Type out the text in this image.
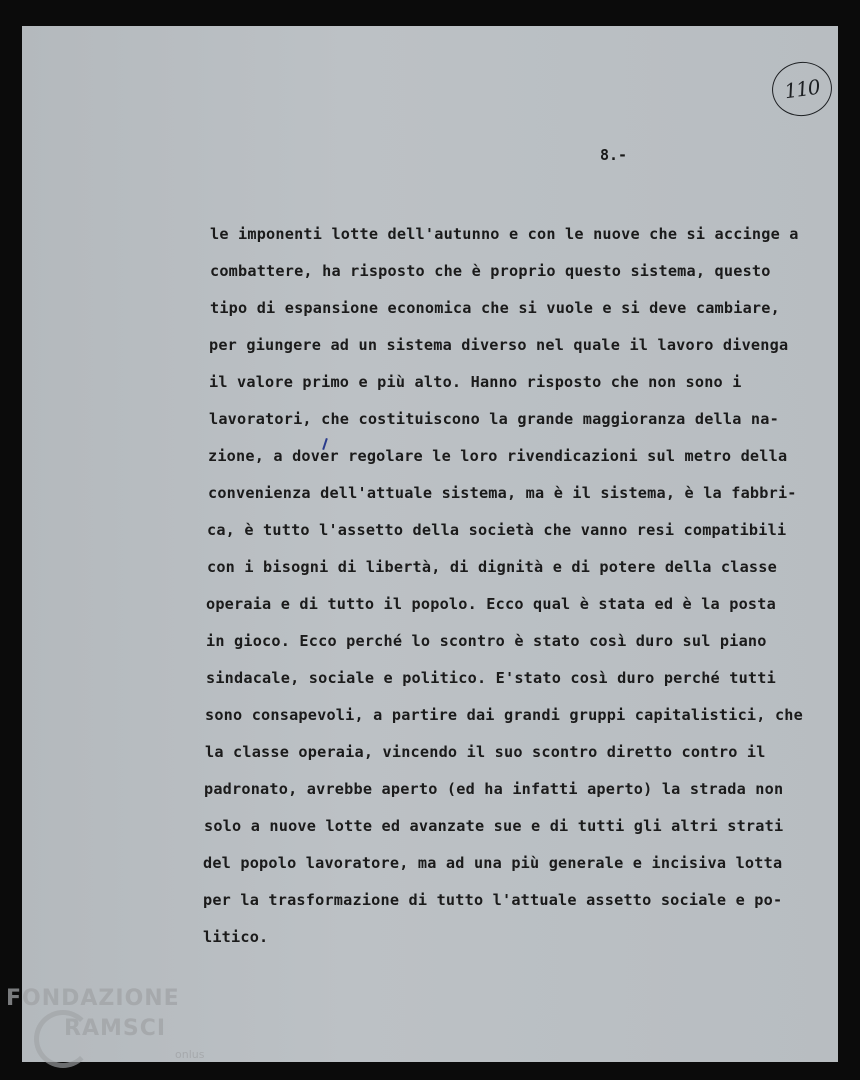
110
8.-
le imponenti lotte dell'autunno e con le nuove che si accinge a
combattere, ha risposto che è proprio questo sistema, questo
tipo di espansione economica che si vuole e si deve cambiare,
per giungere ad un sistema diverso nel quale il lavoro divenga
il valore primo e più alto. Hanno risposto che non sono i
lavoratori, che costituiscono la grande maggioranza della na-
zione, a dover regolare le loro rivendicazioni sul metro della
convenienza dell'attuale sistema, ma è il sistema, è la fabbri-
ca, è tutto l'assetto della società che vanno resi compatibili
con i bisogni di libertà, di dignità e di potere della classe
operaia e di tutto il popolo. Ecco qual è stata ed è la posta
in gioco. Ecco perché lo scontro è stato così duro sul piano
sindacale, sociale e politico. E'stato così duro perché tutti
sono consapevoli, a partire dai grandi gruppi capitalistici, che
la classe operaia, vincendo il suo scontro diretto contro il
padronato, avrebbe aperto (ed ha infatti aperto) la strada non
solo a nuove lotte ed avanzate sue e di tutti gli altri strati
del popolo lavoratore, ma ad una più generale e incisiva lotta
per la trasformazione di tutto l'attuale assetto sociale e po-
litico.
FONDAZIONE
RAMSCI
onlus
